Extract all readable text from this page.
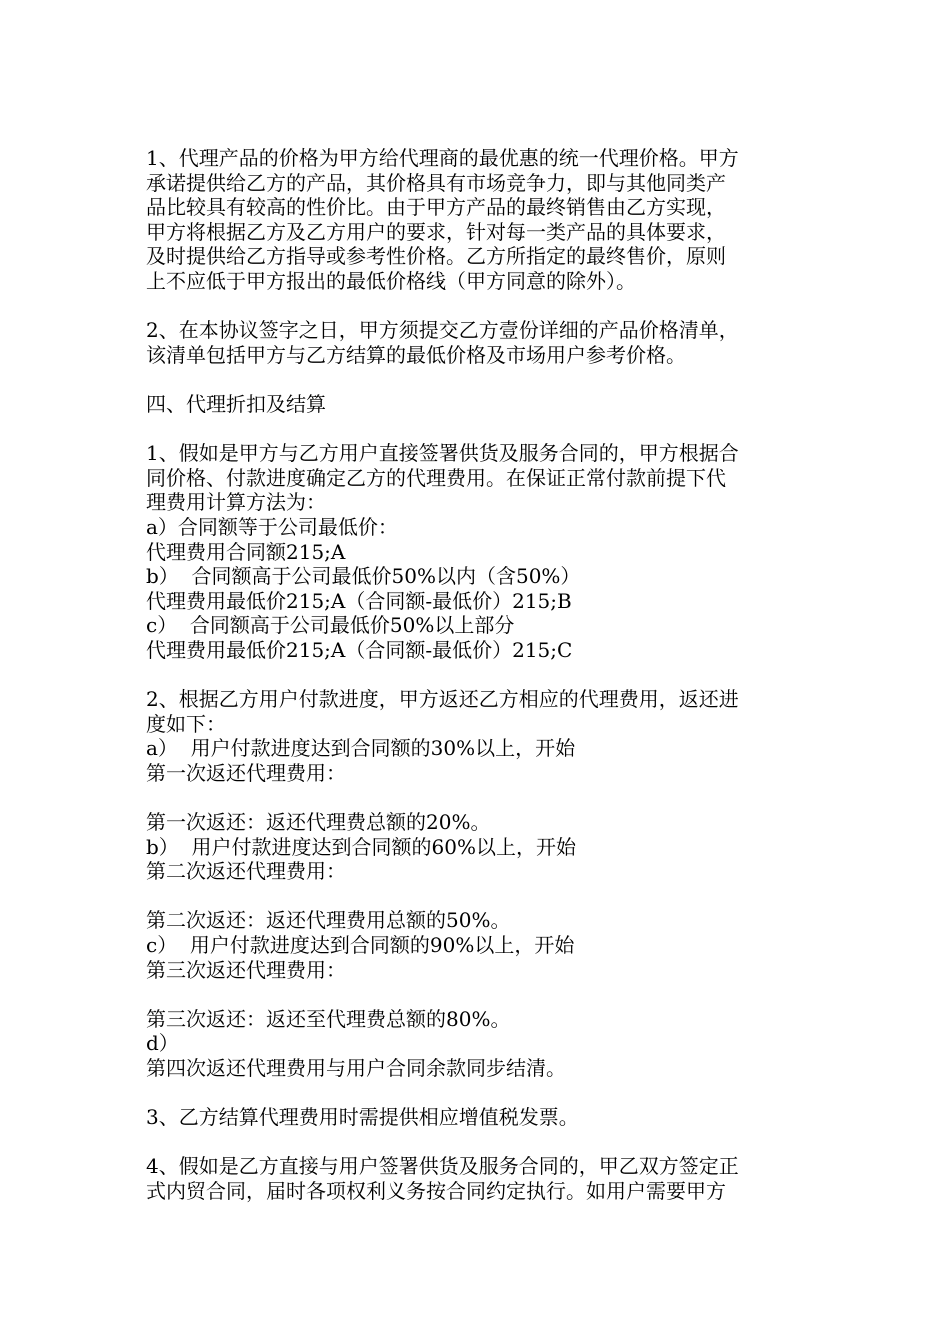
1、代理产品的价格为甲方给代理商的最优惠的统一代理价格。甲方
承诺提供给乙方的产品，其价格具有市场竞争力，即与其他同类产
品比较具有较高的性价比。由于甲方产品的最终销售由乙方实现，
甲方将根据乙方及乙方用户的要求，针对每一类产品的具体要求，
及时提供给乙方指导或参考性价格。乙方所指定的最终售价，原则
上不应低于甲方报出的最低价格线（甲方同意的除外）。
2、在本协议签字之日，甲方须提交乙方壹份详细的产品价格清单，
该清单包括甲方与乙方结算的最低价格及市场用户参考价格。
四、代理折扣及结算
1、假如是甲方与乙方用户直接签署供货及服务合同的，甲方根据合
同价格、付款进度确定乙方的代理费用。在保证正常付款前提下代
理费用计算方法为：
a）合同额等于公司最低价：
代理费用合同额215;A
b）  合同额高于公司最低价50%以内（含50%）
代理费用最低价215;A（合同额-最低价）215;B
c）  合同额高于公司最低价50%以上部分
代理费用最低价215;A（合同额-最低价）215;C
2、根据乙方用户付款进度，甲方返还乙方相应的代理费用，返还进
度如下：
a）  用户付款进度达到合同额的30%以上，开始
第一次返还代理费用：
第一次返还：返还代理费总额的20%。
b）  用户付款进度达到合同额的60%以上，开始
第二次返还代理费用：
第二次返还：返还代理费用总额的50%。
c）  用户付款进度达到合同额的90%以上，开始
第三次返还代理费用：
第三次返还：返还至代理费总额的80%。
d）
第四次返还代理费用与用户合同余款同步结清。
3、乙方结算代理费用时需提供相应增值税发票。
4、假如是乙方直接与用户签署供货及服务合同的，甲乙双方签定正
式内贸合同，届时各项权利义务按合同约定执行。如用户需要甲方
